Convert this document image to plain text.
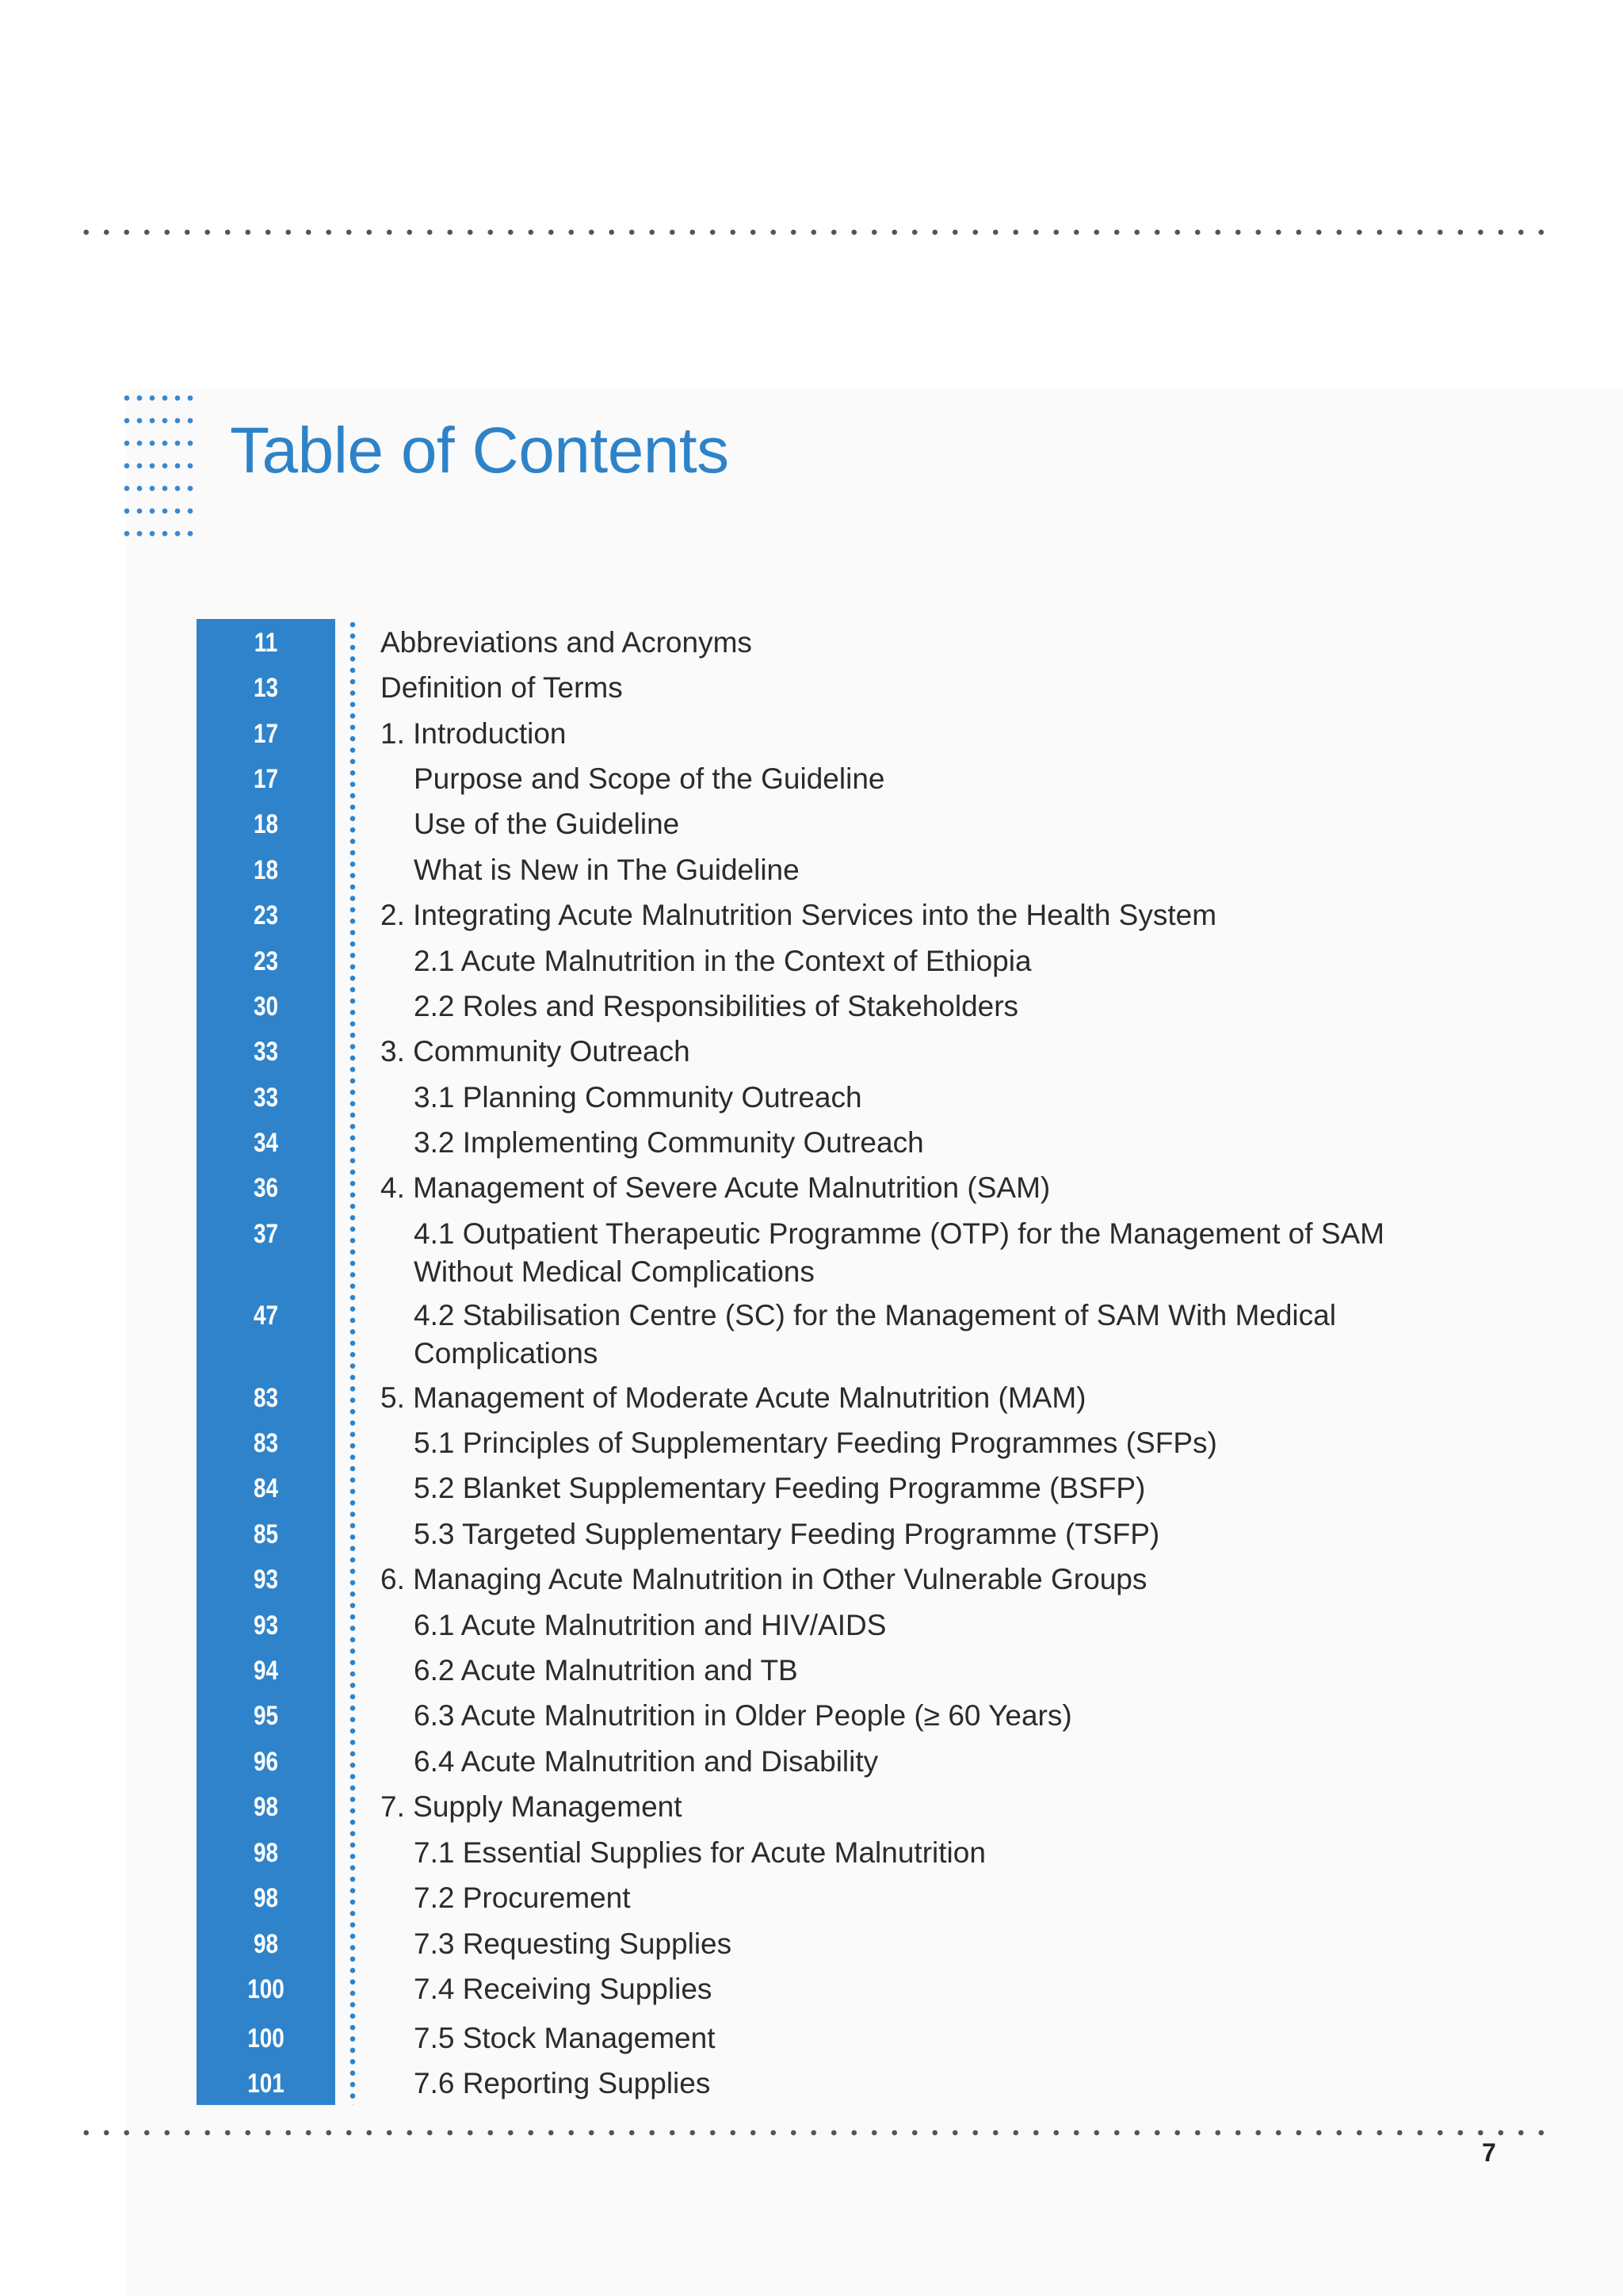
Table of Contents
11	Abbreviations and Acronyms
13	Definition of Terms
17	1. Introduction
17	Purpose and Scope of the Guideline
18	Use of the Guideline
18	What is New in The Guideline
23	2. Integrating Acute Malnutrition Services into the Health System
23	2.1 Acute Malnutrition in the Context of Ethiopia
30	2.2 Roles and Responsibilities of Stakeholders
33	3. Community Outreach
33	3.1 Planning Community Outreach
34	3.2 Implementing Community Outreach
36	4. Management of Severe Acute Malnutrition (SAM)
37	4.1 Outpatient Therapeutic Programme (OTP) for the Management of SAM
Without Medical Complications
47	4.2 Stabilisation Centre (SC) for the Management of SAM With Medical
Complications
83	5. Management of Moderate Acute Malnutrition (MAM)
83	5.1 Principles of Supplementary Feeding Programmes (SFPs)
84	5.2 Blanket Supplementary Feeding Programme (BSFP)
85	5.3 Targeted Supplementary Feeding Programme (TSFP)
93	6. Managing Acute Malnutrition in Other Vulnerable Groups
93	6.1 Acute Malnutrition and HIV/AIDS
94	6.2 Acute Malnutrition and TB
95	6.3 Acute Malnutrition in Older People (≥ 60 Years)
96	6.4 Acute Malnutrition and Disability
98	7. Supply Management
98	7.1 Essential Supplies for Acute Malnutrition
98	7.2 Procurement
98	7.3 Requesting Supplies
100	7.4 Receiving Supplies
100	7.5 Stock Management
101	7.6 Reporting Supplies
7
